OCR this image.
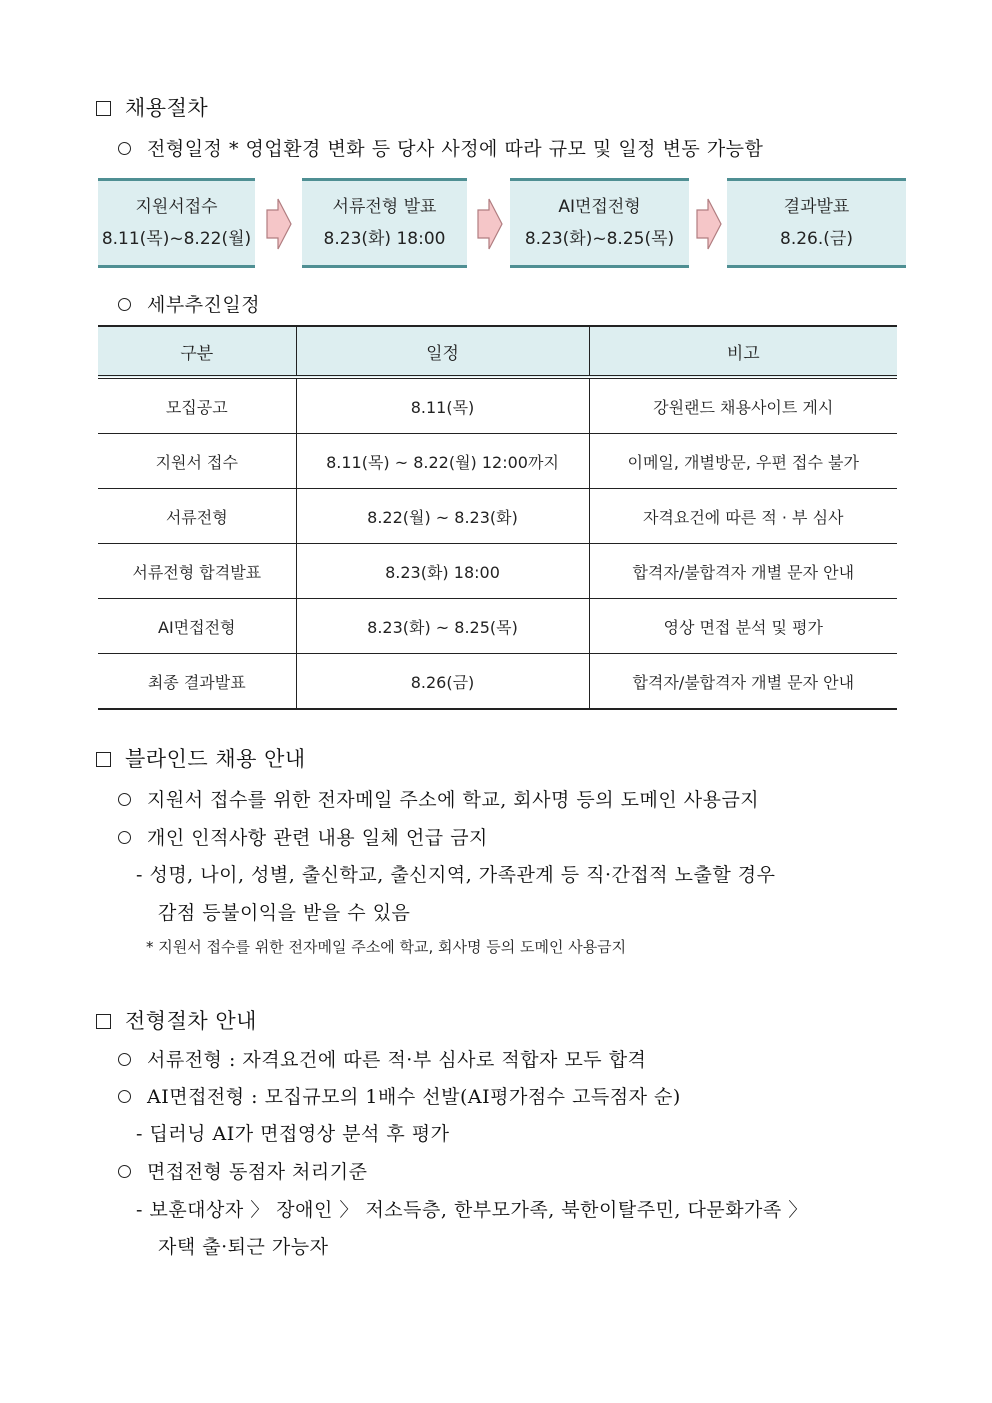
채용절차
전형일정 * 영업환경 변화 등 당사 사정에 따라 규모 및 일정 변동 가능함
지원서접수
8.11(목)~8.22(월)
서류전형 발표
8.23(화) 18:00
AI면접전형
8.23(화)~8.25(목)
결과발표
8.26.(금)
세부추진일정
구분	일정	비고
모집공고	8.11(목)	강원랜드 채용사이트 게시
지원서 접수	8.11(목) ~ 8.22(월) 12:00까지	이메일, 개별방문, 우편 접수 불가
서류전형	8.22(월) ~ 8.23(화)	자격요건에 따른 적 · 부 심사
서류전형 합격발표	8.23(화) 18:00	합격자/불합격자 개별 문자 안내
AI면접전형	8.23(화) ~ 8.25(목)	영상 면접 분석 및 평가
최종 결과발표	8.26(금)	합격자/불합격자 개별 문자 안내
블라인드 채용 안내
지원서 접수를 위한 전자메일 주소에 학교, 회사명 등의 도메인 사용금지
개인 인적사항 관련 내용 일체 언급 금지
- 성명, 나이, 성별, 출신학교, 출신지역, 가족관계 등 직·간접적 노출할 경우
감점 등불이익을 받을 수 있음
* 지원서 접수를 위한 전자메일 주소에 학교, 회사명 등의 도메인 사용금지
전형절차 안내
서류전형 : 자격요건에 따른 적·부 심사로 적합자 모두 합격
AI면접전형 : 모집규모의 1배수 선발(AI평가점수 고득점자 순)
- 딥러닝 AI가 면접영상 분석 후 평가
면접전형 동점자 처리기준
- 보훈대상자 〉 장애인 〉 저소득층, 한부모가족, 북한이탈주민, 다문화가족 〉
자택 출·퇴근 가능자
